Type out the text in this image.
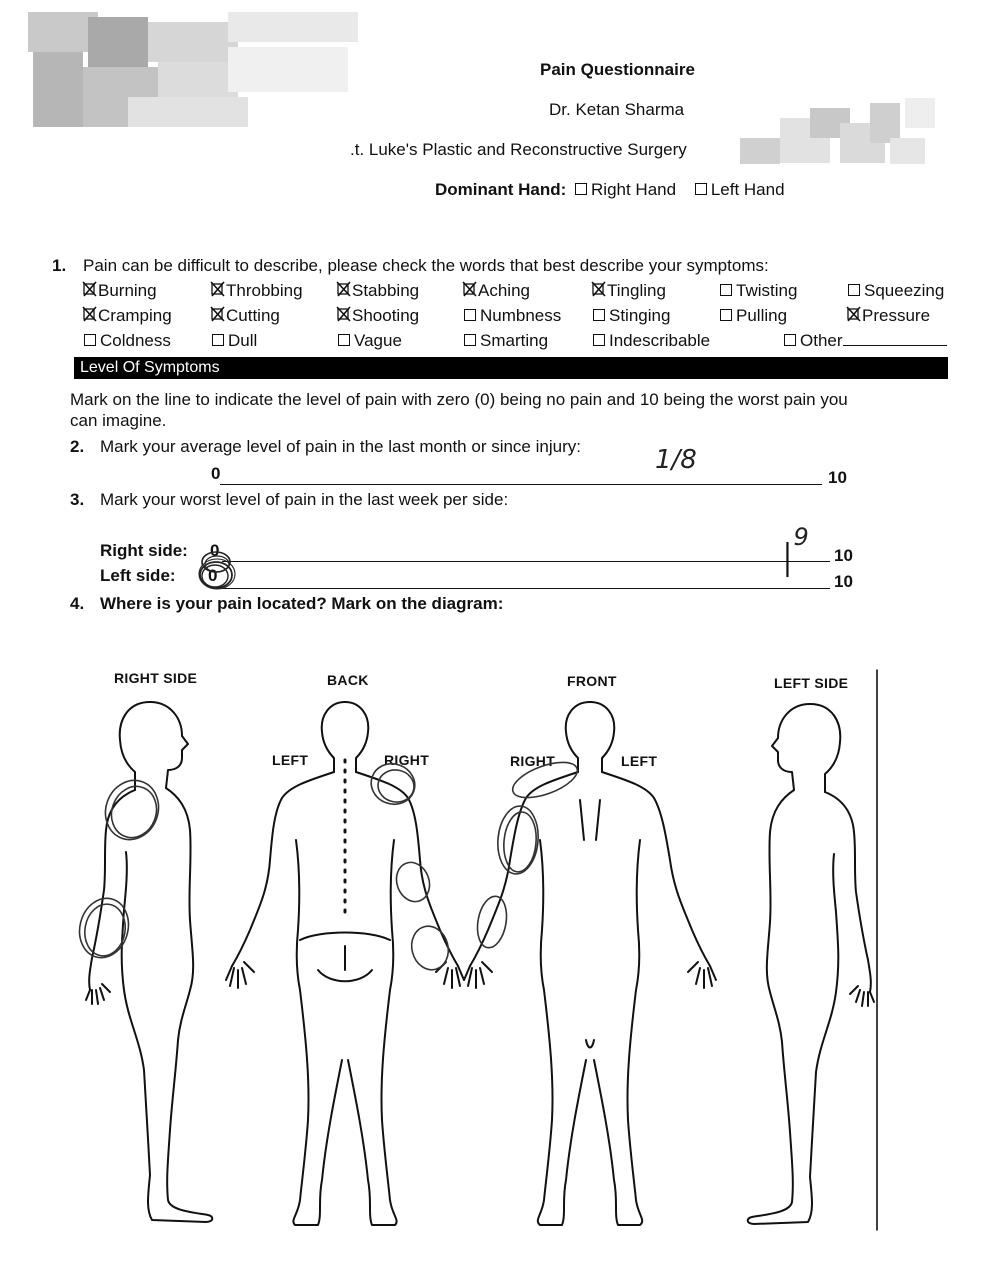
Pain Questionnaire
Dr. Ketan Sharma
.t. Luke's Plastic and Reconstructive Surgery
Dominant Hand: Right Hand Left Hand
1. Pain can be difficult to describe, please check the words that best describe your symptoms:
Burning	Throbbing	Stabbing	Aching	Tingling	Twisting	Squeezing
Cramping	Cutting	Shooting	Numbness	Stinging	Pulling	Pressure
Coldness	Dull	Vague	Smarting	Indescribable	Other
Level Of Symptoms
Mark on the line to indicate the level of pain with zero (0) being no pain and 10 being the worst pain you
can imagine.
2. Mark your average level of pain in the last month or since injury:
0	10
1/8
3. Mark your worst level of pain in the last week per side:
Right side: 0	10
Left side: 0	10
9
4. Where is your pain located? Mark on the diagram:
RIGHT SIDE	BACK	FRONT	LEFT SIDE
LEFT	RIGHT	RIGHT	LEFT
